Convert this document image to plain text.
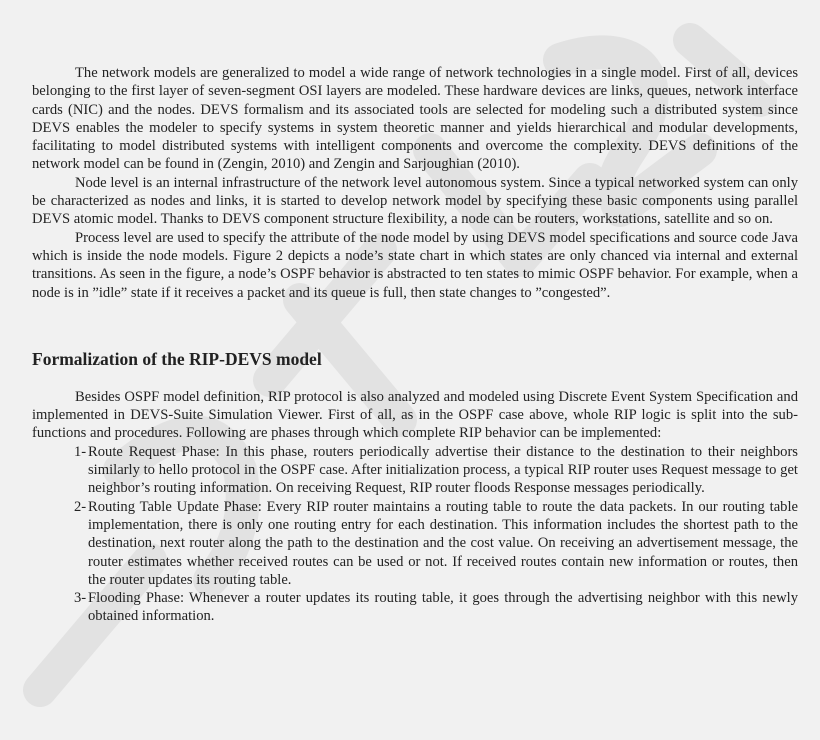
The network models are generalized to model a wide range of network technologies in a single model. First of all, devices belonging to the first layer of seven-segment OSI layers are modeled. These hardware devices are links, queues, network interface cards (NIC) and the nodes. DEVS formalism and its associated tools are selected for modeling such a distributed system since DEVS enables the modeler to specify systems in system theoretic manner and yields hierarchical and modular developments, facilitating to model distributed systems with intelligent components and overcome the complexity. DEVS definitions of the network model can be found in (Zengin, 2010) and Zengin and Sarjoughian (2010).

Node level is an internal infrastructure of the network level autonomous system. Since a typical networked system can only be characterized as nodes and links, it is started to develop network model by specifying these basic components using parallel DEVS atomic model. Thanks to DEVS component structure flexibility, a node can be routers, workstations, satellite and so on.

Process level are used to specify the attribute of the node model by using DEVS model specifications and source code Java which is inside the node models. Figure 2 depicts a node’s state chart in which states are only chanced via internal and external transitions. As seen in the figure, a node’s OSPF behavior is abstracted to ten states to mimic OSPF behavior. For example, when a node is in ”idle” state if it receives a packet and its queue is full, then state changes to ”congested”.

Formalization of the RIP-DEVS model

Besides OSPF model definition, RIP protocol is also analyzed and modeled using Discrete Event System Specification and implemented in DEVS-Suite Simulation Viewer. First of all, as in the OSPF case above, whole RIP logic is split into the sub-functions and procedures. Following are phases through which complete RIP behavior can be implemented:

1- Route Request Phase: In this phase, routers periodically advertise their distance to the destination to their neighbors similarly to hello protocol in the OSPF case. After initialization process, a typical RIP router uses Request message to get neighbor’s routing information. On receiving Request, RIP router floods Response messages periodically.
2- Routing Table Update Phase: Every RIP router maintains a routing table to route the data packets. In our routing table implementation, there is only one routing entry for each destination. This information includes the shortest path to the destination, next router along the path to the destination and the cost value. On receiving an advertisement message, the router estimates whether received routes can be used or not. If received routes contain new information or routes, then the router updates its routing table.
3- Flooding Phase: Whenever a router updates its routing table, it goes through the advertising neighbor with this newly obtained information.
